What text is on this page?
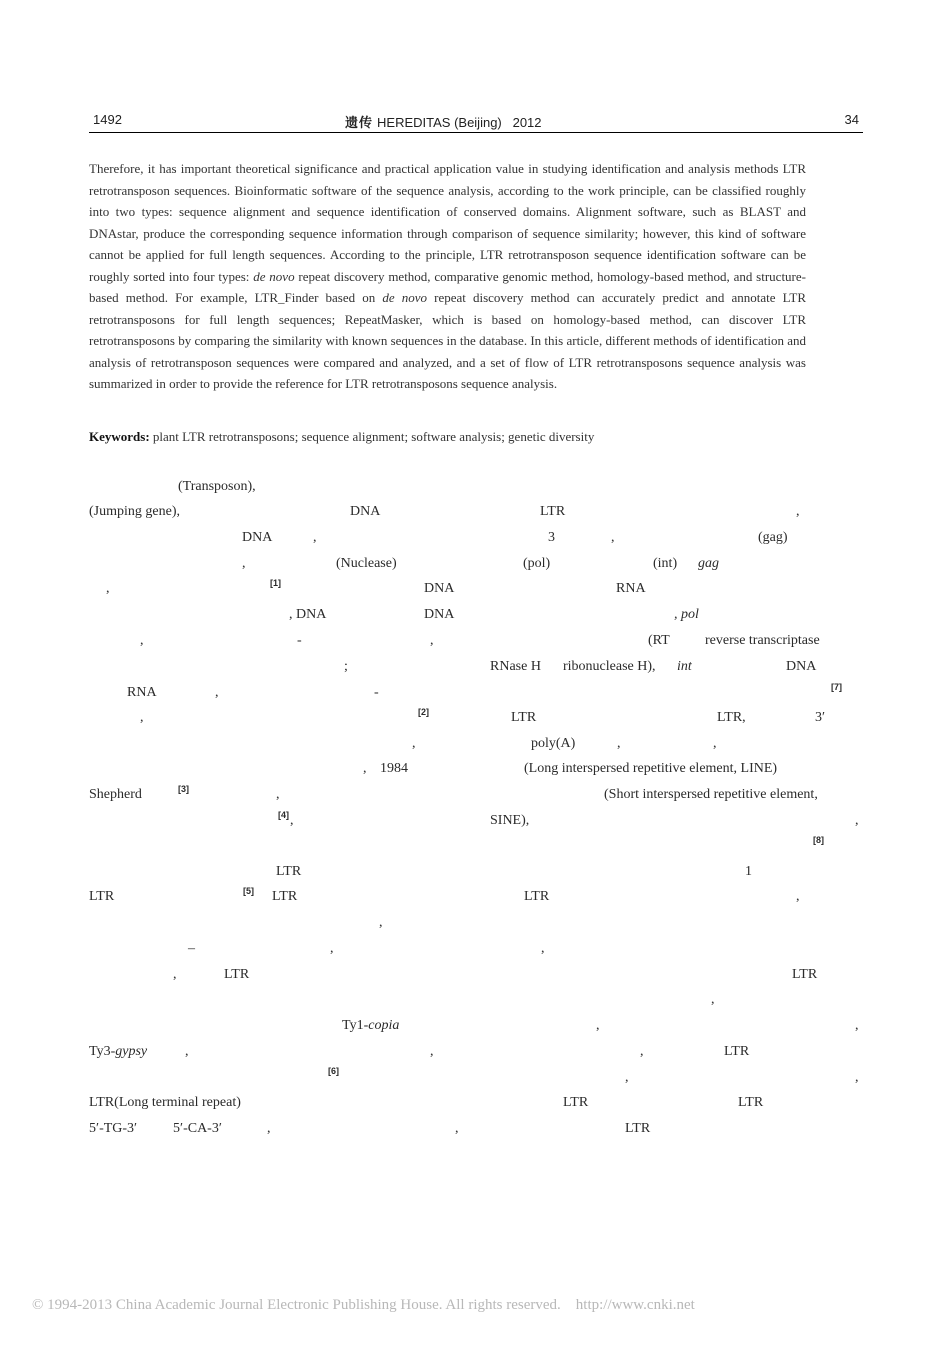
1492	遗传 HEREDITAS (Beijing) 2012	34
Therefore, it has important theoretical significance and practical application value in studying identification and analysis methods LTR retrotransposon sequences. Bioinformatic software of the sequence analysis, according to the work principle, can be classified roughly into two types: sequence alignment and sequence identification of conserved domains. Alignment software, such as BLAST and DNAstar, produce the corresponding sequence information through comparison of sequence similarity; however, this kind of software cannot be applied for full length sequences. According to the principle, LTR retrotransposon sequence identification software can be roughly sorted into four types: de novo repeat discovery method, comparative genomic method, homology-based method, and structure-based method. For example, LTR_Finder based on de novo repeat discovery method can accurately predict and annotate LTR retrotransposons for full length sequences; RepeatMasker, which is based on homology-based method, can discover LTR retrotransposons by comparing the similarity with known sequences in the database. In this article, different methods of identification and analysis of retrotransposon sequences were compared and analyzed, and a set of flow of LTR retrotransposons sequence analysis was summarized in order to provide the reference for LTR retrotransposons sequence analysis.
Keywords: plant LTR retrotransposons; sequence alignment; software analysis; genetic diversity
(Transposon),
(Jumping gene),	DNA	LTR	,
DNA	,	3	,	(gag)
,	(Nuclease)	(pol)	(int) gag
,	[1]	DNA	RNA
, DNA	DNA	, pol
,	-	,	(RT	reverse transcriptase
;	RNase H ribonuclease H), int	DNA
RNA	,	-	[7]
,	[2]	LTR	LTR,	3′
,	poly(A)	,	,
, 1984	(Long interspersed repetitive element, LINE)
Shepherd	[3]	,	(Short interspersed repetitive element,
[4] ,	SINE),	,
[8]
LTR	1
LTR	[5] LTR	LTR	,
,
–	,	,
,	LTR	LTR
,
Ty1-copia	,	,
Ty3-gypsy	,	,	,	LTR
[6]	,	,
LTR(Long terminal repeat)	LTR	LTR
5′-TG-3′	5′-CA-3′	,	,	LTR
© 1994-2013 China Academic Journal Electronic Publishing House. All rights reserved.    http://www.cnki.net
